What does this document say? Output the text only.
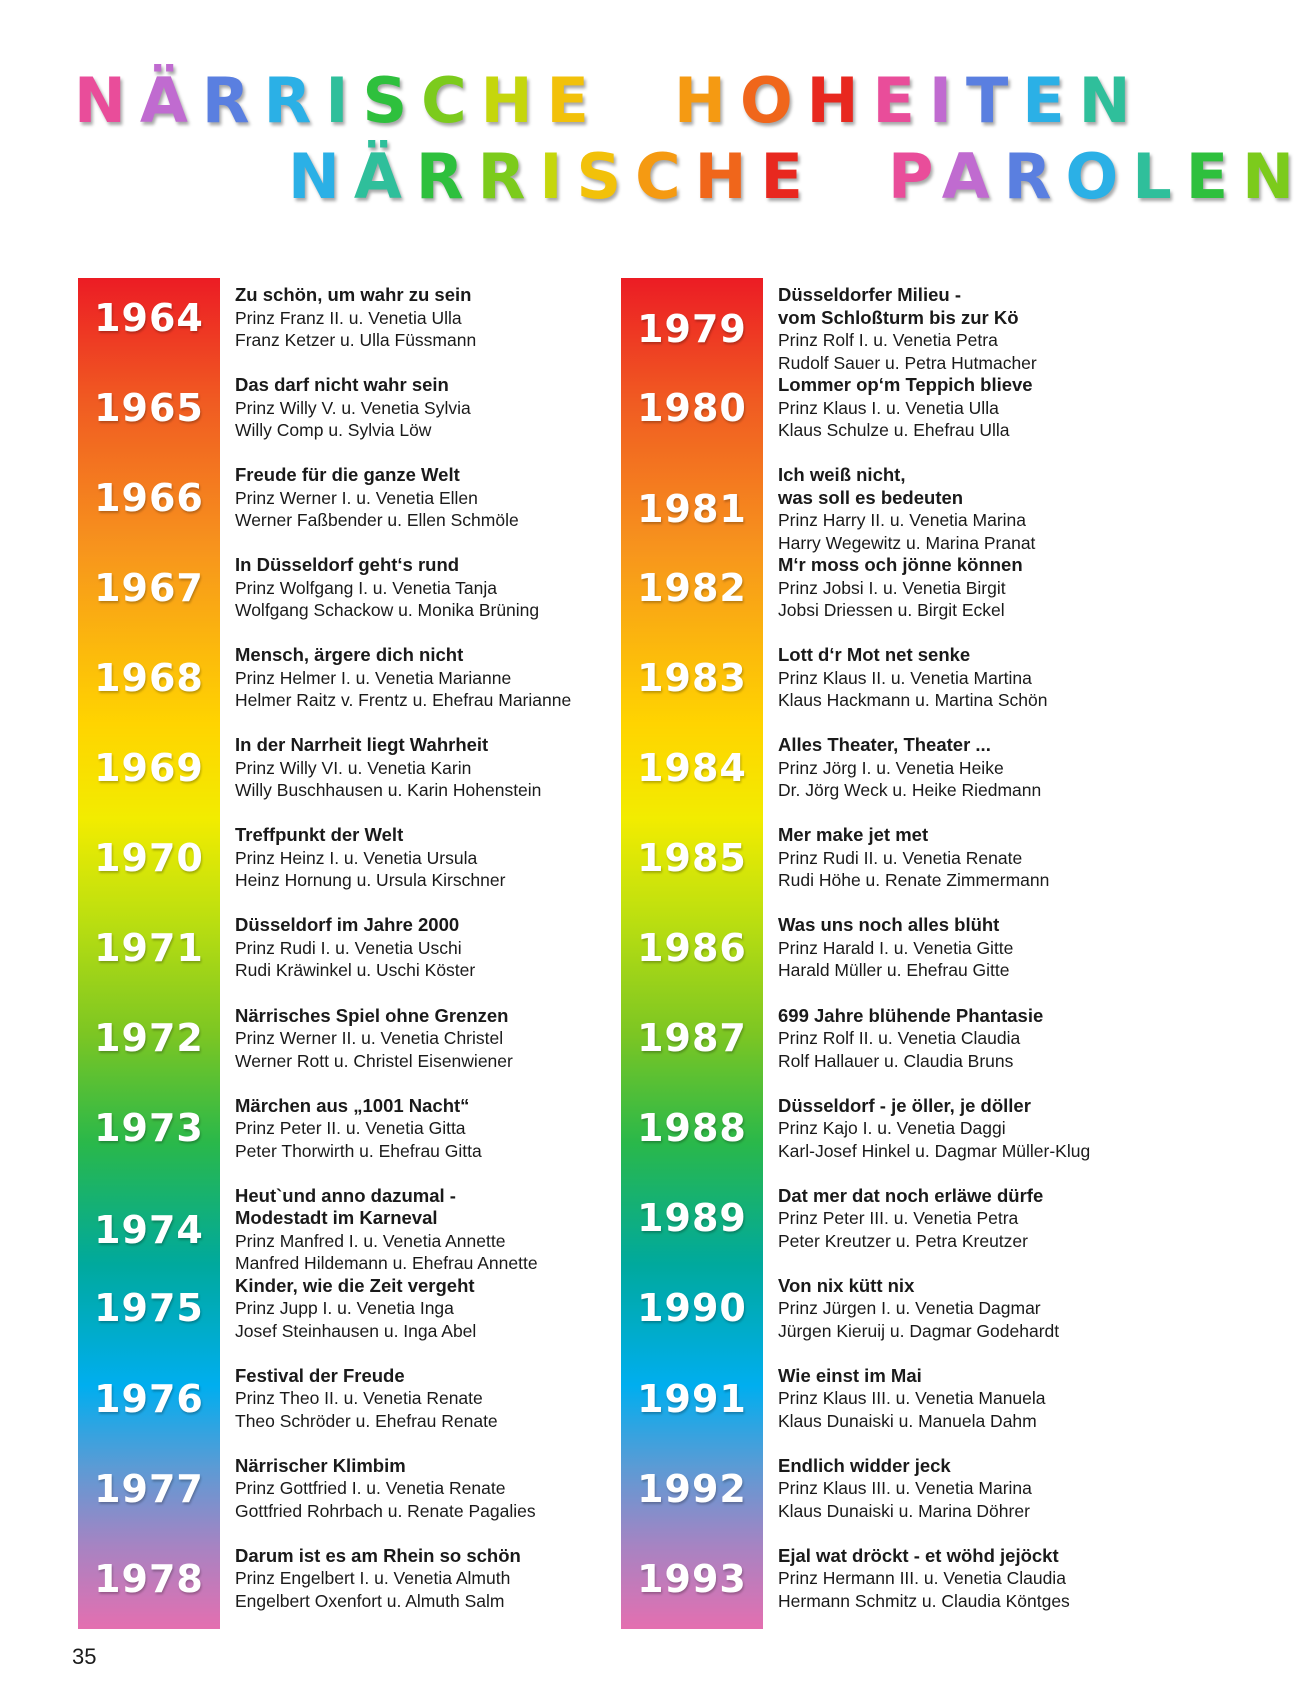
NÄRRISCHE HOHEITEN
NÄRRISCHE PAROLEN
1964
Zu schön, um wahr zu sein
Prinz Franz II. u. Venetia Ulla
Franz Ketzer u. Ulla Füssmann
1965
Das darf nicht wahr sein
Prinz Willy V. u. Venetia Sylvia
Willy Comp u. Sylvia Löw
1966
Freude für die ganze Welt
Prinz Werner I. u. Venetia Ellen
Werner Faßbender u. Ellen Schmöle
1967
In Düsseldorf geht‘s rund
Prinz Wolfgang I. u. Venetia Tanja
Wolfgang Schackow u. Monika Brüning
1968
Mensch, ärgere dich nicht
Prinz Helmer I. u. Venetia Marianne
Helmer Raitz v. Frentz u. Ehefrau Marianne
1969
In der Narrheit liegt Wahrheit
Prinz Willy VI. u. Venetia Karin
Willy Buschhausen u. Karin Hohenstein
1970
Treffpunkt der Welt
Prinz Heinz I. u. Venetia Ursula
Heinz Hornung u. Ursula Kirschner
1971
Düsseldorf im Jahre 2000
Prinz Rudi I. u. Venetia Uschi
Rudi Kräwinkel u. Uschi Köster
1972
Närrisches Spiel ohne Grenzen
Prinz Werner II. u. Venetia Christel
Werner Rott u. Christel Eisenwiener
1973
Märchen aus „1001 Nacht“
Prinz Peter II. u. Venetia Gitta
Peter Thorwirth u. Ehefrau Gitta
1974
Heut`und anno dazumal -
Modestadt im Karneval
Prinz Manfred I. u. Venetia Annette
Manfred Hildemann u. Ehefrau Annette
1975
Kinder, wie die Zeit vergeht
Prinz Jupp I. u. Venetia Inga
Josef Steinhausen u. Inga Abel
1976
Festival der Freude
Prinz Theo II. u. Venetia Renate
Theo Schröder u. Ehefrau Renate
1977
Närrischer Klimbim
Prinz Gottfried I. u. Venetia Renate
Gottfried Rohrbach u. Renate Pagalies
1978
Darum ist es am Rhein so schön
Prinz Engelbert I. u. Venetia Almuth
Engelbert Oxenfort u. Almuth Salm
1979
Düsseldorfer Milieu -
vom Schloßturm bis zur Kö
Prinz Rolf I. u. Venetia Petra
Rudolf Sauer u. Petra Hutmacher
1980
Lommer op‘m Teppich blieve
Prinz Klaus I. u. Venetia Ulla
Klaus Schulze u. Ehefrau Ulla
1981
Ich weiß nicht,
was soll es bedeuten
Prinz Harry II. u. Venetia Marina
Harry Wegewitz u. Marina Pranat
1982
M‘r moss och jönne können
Prinz Jobsi I. u. Venetia Birgit
Jobsi Driessen u. Birgit Eckel
1983
Lott d‘r Mot net senke
Prinz Klaus II. u. Venetia Martina
Klaus Hackmann u. Martina Schön
1984
Alles Theater, Theater ...
Prinz Jörg I. u. Venetia Heike
Dr. Jörg Weck u. Heike Riedmann
1985
Mer make jet met
Prinz Rudi II. u. Venetia Renate
Rudi Höhe u. Renate Zimmermann
1986
Was uns noch alles blüht
Prinz Harald I. u. Venetia Gitte
Harald Müller u. Ehefrau Gitte
1987
699 Jahre blühende Phantasie
Prinz Rolf II. u. Venetia Claudia
Rolf Hallauer u. Claudia Bruns
1988
Düsseldorf - je öller, je döller
Prinz Kajo I. u. Venetia Daggi
Karl-Josef Hinkel u. Dagmar Müller-Klug
1989
Dat mer dat noch erläwe dürfe
Prinz Peter III. u. Venetia Petra
Peter Kreutzer u. Petra Kreutzer
1990
Von nix kütt nix
Prinz Jürgen I. u. Venetia Dagmar
Jürgen Kieruij u. Dagmar Godehardt
1991
Wie einst im Mai
Prinz Klaus III. u. Venetia Manuela
Klaus Dunaiski u. Manuela Dahm
1992
Endlich widder jeck
Prinz Klaus III. u. Venetia Marina
Klaus Dunaiski u. Marina Döhrer
1993
Ejal wat dröckt - et wöhd jejöckt
Prinz Hermann III. u. Venetia Claudia
Hermann Schmitz u. Claudia Köntges
35
